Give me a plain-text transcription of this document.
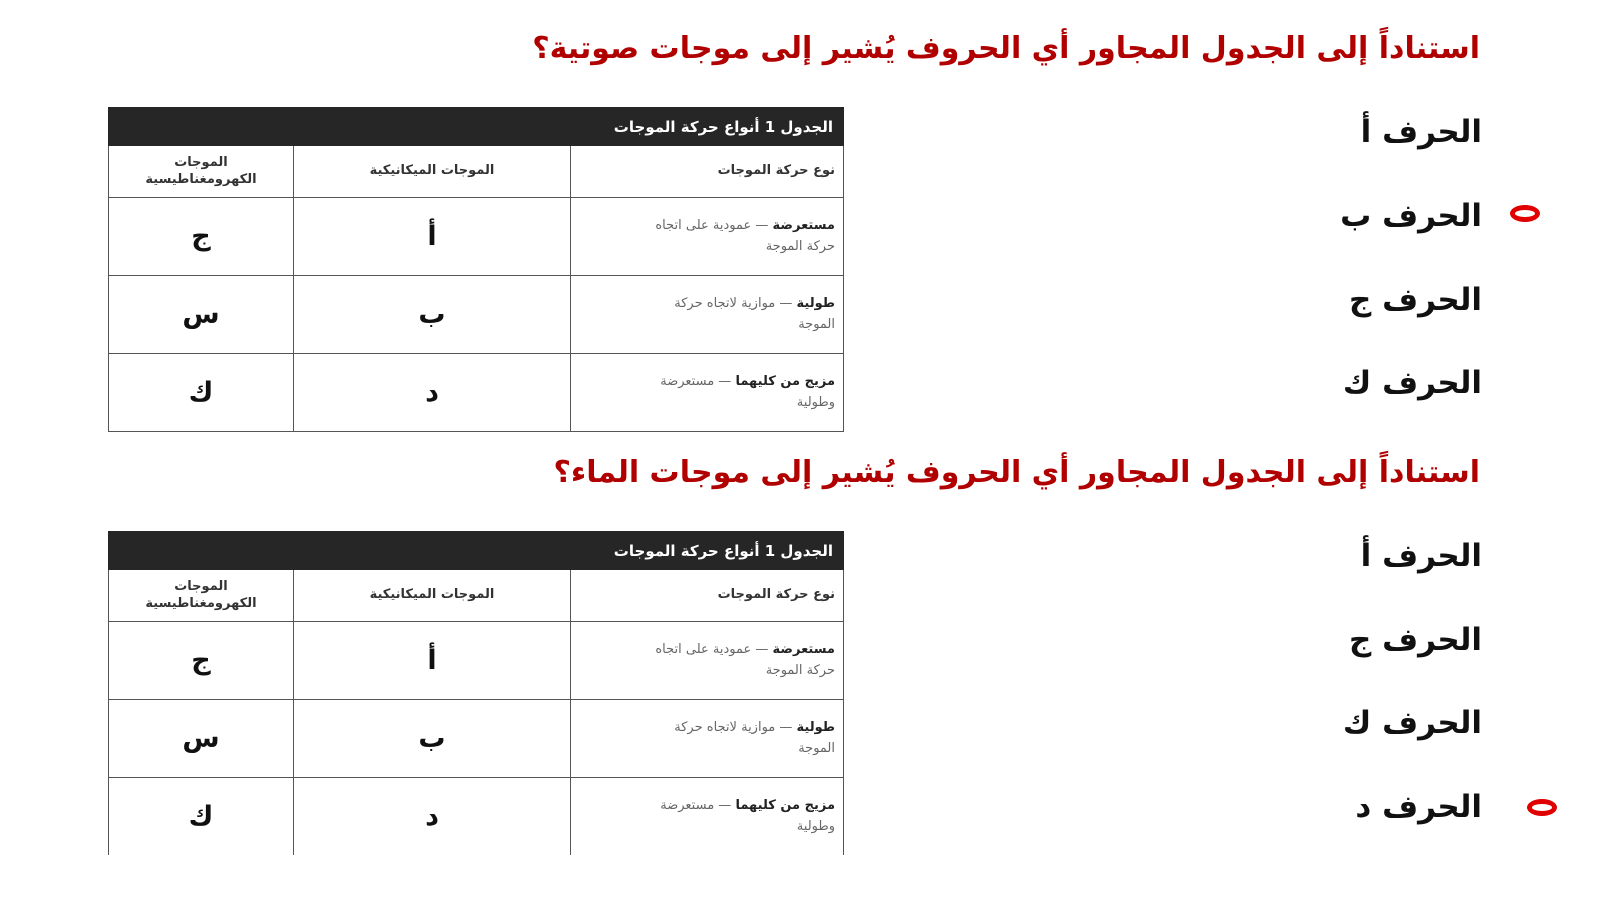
استناداً إلى الجدول المجاور أي الحروف يُشير إلى موجات صوتية؟
الجدول 1 أنواع حركة الموجات		
نوع حركة الموجات	الموجات الميكانيكية	الموجات
الكهرومغناطيسية
مستعرضة — عمودية على اتجاه
حركة الموجة	أ	ج
طولية — موازية لاتجاه حركة
الموجة	ب	س
مزيج من كليهما — مستعرضة
وطولية	د	ك
الحرف أ
الحرف ب
الحرف ج
الحرف ك
استناداً إلى الجدول المجاور أي الحروف يُشير إلى موجات الماء؟
الجدول 1 أنواع حركة الموجات		
نوع حركة الموجات	الموجات الميكانيكية	الموجات
الكهرومغناطيسية
مستعرضة — عمودية على اتجاه
حركة الموجة	أ	ج
طولية — موازية لاتجاه حركة
الموجة	ب	س
مزيج من كليهما — مستعرضة
وطولية	د	ك
الحرف أ
الحرف ج
الحرف ك
الحرف د
